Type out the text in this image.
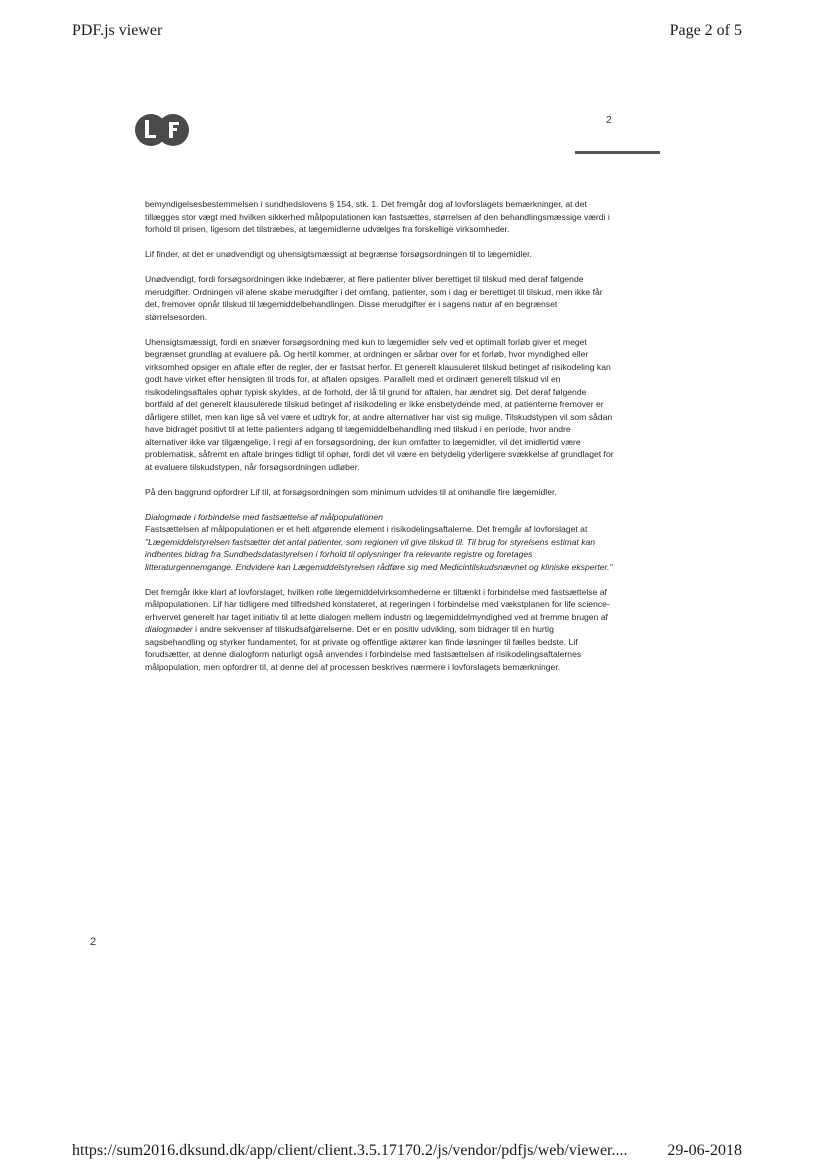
PDF.js viewer	Page 2 of 5
Lif
2

bemyndigelsesbestemmelsen i sundhedslovens § 154, stk. 1. Det fremgår dog af lovforslagets bemærkninger, at det tillægges stor vægt med hvilken sikkerhed målpopulationen kan fastsættes, størrelsen af den behandlingsmæssige værdi i forhold til prisen, ligesom det tilstræbes, at lægemidlerne udvælges fra forskellige virksomheder.

Lif finder, at det er unødvendigt og uhensigtsmæssigt at begrænse forsøgsordningen til to lægemidler.

Unødvendigt, fordi forsøgsordningen ikke indebærer, at flere patienter bliver berettiget til tilskud med deraf følgende merudgifter. Ordningen vil alene skabe merudgifter i det omfang, patienter, som i dag er berettiget til tilskud, men ikke får det, fremover opnår tilskud til lægemiddelbehandlingen. Disse merudgifter er i sagens natur af en begrænset størrelsesorden.

Uhensigtsmæssigt, fordi en snæver forsøgsordning med kun to lægemidler selv ved et optimalt forløb giver et meget begrænset grundlag at evaluere på. Og hertil kommer, at ordningen er sårbar over for et forløb, hvor myndighed eller virksomhed opsiger en aftale efter de regler, der er fastsat herfor. Et generelt klausuleret tilskud betinget af risikodeling kan godt have virket efter hensigten til trods for, at aftalen opsiges. Parallelt med et ordinært generelt tilskud vil en risikodelingsaftales ophør typisk skyldes, at de forhold, der lå til grund for aftalen, har ændret sig. Det deraf følgende bortfald af det generelt klausulerede tilskud betinget af risikodeling er ikke ensbetydende med, at patienterne fremover er dårligere stillet, men kan lige så vel være et udtryk for, at andre alternativer har vist sig mulige. Tilskudstypen vil som sådan have bidraget positivt til at lette patienters adgang til lægemiddelbehandling med tilskud i en periode, hvor andre alternativer ikke var tilgængelige. I regi af en forsøgsordning, der kun omfatter to lægemidler, vil det imidlertid være problematisk, såfremt en aftale bringes tidligt til ophør, fordi det vil være en betydelig yderligere svækkelse af grundlaget for at evaluere tilskudstypen, når forsøgsordningen udløber.

På den baggrund opfordrer Lif til, at forsøgsordningen som minimum udvides til at omhandle fire lægemidler.

Dialogmøde i forbindelse med fastsættelse af målpopulationen

Fastsættelsen af målpopulationen er et helt afgørende element i risikodelingsaftalerne. Det fremgår af lovforslaget at "Lægemiddelstyrelsen fastsætter det antal patienter, som regionen vil give tilskud til. Til brug for styrelsens estimat kan indhentes bidrag fra Sundhedsdatastyrelsen i forhold til oplysninger fra relevante registre og foretages litteraturgennemgange. Endvidere kan Lægemiddelstyrelsen rådføre sig med Medicintilskudsnævnet og kliniske eksperter."

Det fremgår ikke klart af lovforslaget, hvilken rolle lægemiddelvirksomhederne er tiltænkt i forbindelse med fastsættelse af målpopulationen. Lif har tidligere med tilfredshed konstateret, at regeringen i forbindelse med vækstplanen for life science-erhvervet generelt har taget initiativ til at lette dialogen mellem industri og lægemiddelmyndighed ved at fremme brugen af dialogmøder i andre sekvenser af tilskudsafgørelserne. Det er en positiv udvikling, som bidrager til en hurtig sagsbehandling og styrker fundamentet, for at private og offentlige aktører kan finde løsninger til fælles bedste. Lif forudsætter, at denne dialogform naturligt også anvendes i forbindelse med fastsættelsen af risikodelingsaftalernes målpopulation, men opfordrer til, at denne del af processen beskrives nærmere i lovforslagets bemærkninger.

2
https://sum2016.dksund.dk/app/client/client.3.5.17170.2/js/vendor/pdfjs/web/viewer.... 29-06-2018
